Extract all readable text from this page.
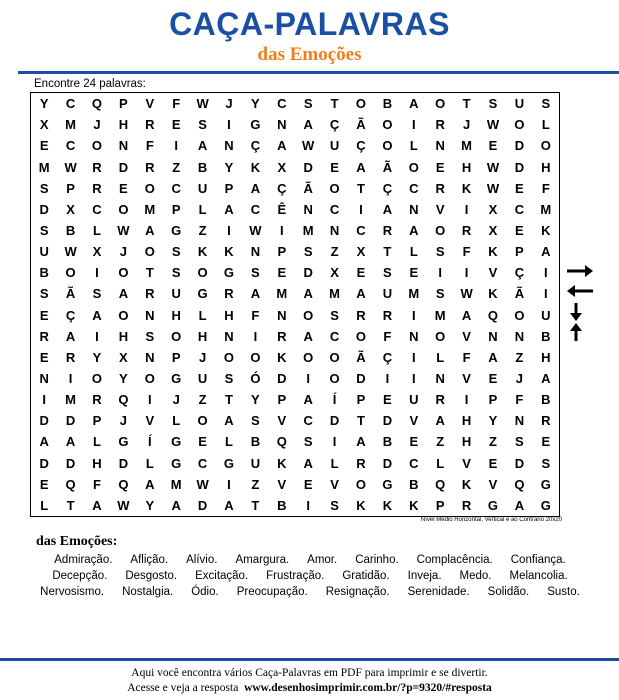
CAÇA-PALAVRAS
das Emoções
Encontre 24 palavras:
Y	C	Q	P	V	F	W	J	Y	C	S	T	O	B	A	O	T	S	U	S
X	M	J	H	R	E	S	I	G	N	A	Ç	Ã	O	I	R	J	W	O	L
E	C	O	N	F	I	A	N	Ç	A	W	U	Ç	O	L	N	M	E	D	O
M	W	R	D	R	Z	B	Y	K	X	D	E	A	Ã	O	E	H	W	D	H
S	P	R	E	O	C	U	P	A	Ç	Ã	O	T	Ç	C	R	K	W	E	F
D	X	C	O	M	P	L	A	C	Ê	N	C	I	A	N	V	I	X	C	M
S	B	L	W	A	G	Z	I	W	I	M	N	C	R	A	O	R	X	E	K
U	W	X	J	O	S	K	K	N	P	S	Z	X	T	L	S	F	K	P	A
B	O	I	O	T	S	O	G	S	E	D	X	E	S	E	I	I	V	Ç	I
S	Ã	S	A	R	U	G	R	A	M	A	M	A	U	M	S	W	K	Ã	I
E	Ç	A	O	N	H	L	H	F	N	O	S	R	R	I	M	A	Q	O	U
R	A	I	H	S	O	H	N	I	R	A	C	O	F	N	O	V	N	N	B
E	R	Y	X	N	P	J	O	O	K	O	O	Ã	Ç	I	L	F	A	Z	H
N	I	O	Y	O	G	U	S	Ó	D	I	O	D	I	I	N	V	E	J	A
I	M	R	Q	I	J	Z	T	Y	P	A	Í	P	E	U	R	I	P	F	B
D	D	P	J	V	L	O	A	S	V	C	D	T	D	V	A	H	Y	N	R
A	A	L	G	Í	G	E	L	B	Q	S	I	A	B	E	Z	H	Z	S	E
D	D	H	D	L	G	C	G	U	K	A	L	R	D	C	L	V	E	D	S
E	Q	F	Q	A	M	W	I	Z	V	E	V	O	G	B	Q	K	V	Q	G
L	T	A	W	Y	A	D	A	T	B	I	S	K	K	K	P	R	G	A	G
Nível Médio Horizontal, Vertical e ao Contrário 20x20
das Emoções:
Admiração. Aflição. Alívio. Amargura. Amor. Carinho. Complacência. Confiança.
Decepção. Desgosto. Excitação. Frustração. Gratidão. Inveja. Medo. Melancolia.
Nervosismo. Nostalgia. Ódio. Preocupação. Resignação. Serenidade. Solidão. Susto.
Aqui você encontra vários Caça-Palavras em PDF para imprimir e se divertir.
Acesse e veja a resposta www.desenhosimprimir.com.br/?p=9320/#resposta
